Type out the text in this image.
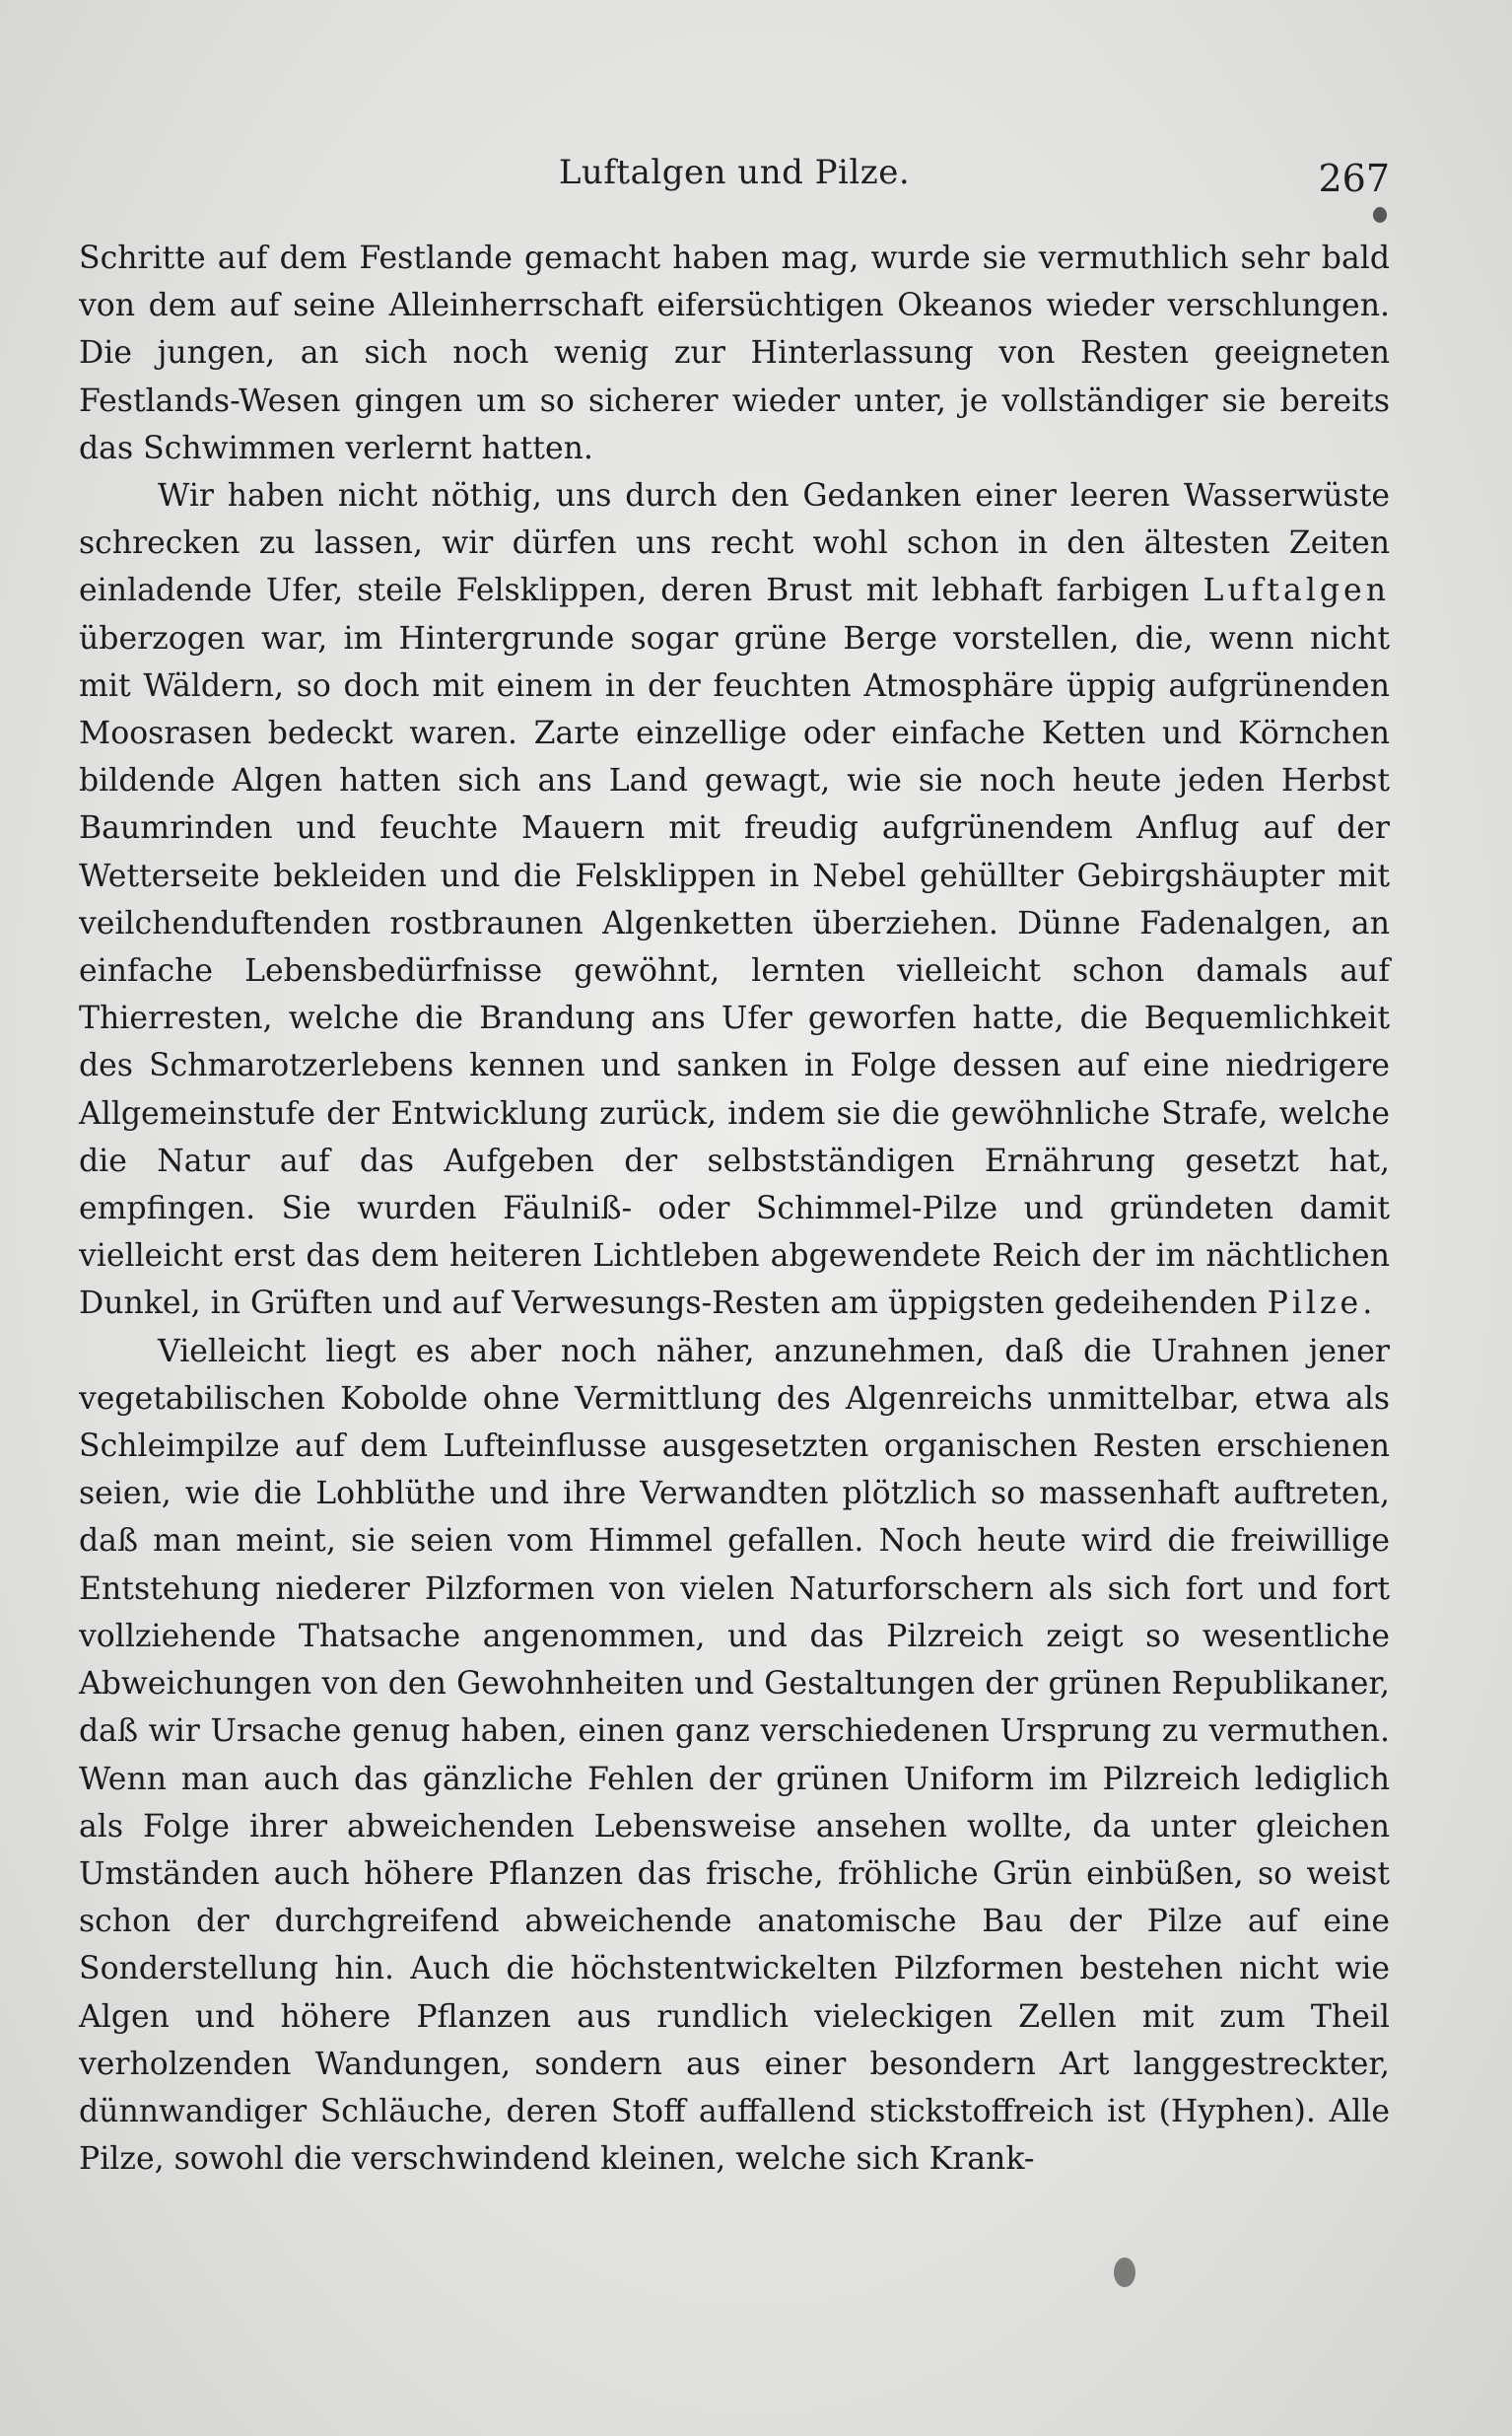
Luftalgen und Pilze.	267

Schritte auf dem Festlande gemacht haben mag, wurde sie vermuthlich sehr bald von dem auf seine Alleinherrschaft eifersüchtigen Okeanos wieder verschlungen. Die jungen, an sich noch wenig zur Hinterlassung von Resten geeigneten Festlands-Wesen gingen um so sicherer wieder unter, je vollständiger sie bereits das Schwimmen verlernt hatten.

Wir haben nicht nöthig, uns durch den Gedanken einer leeren Wasserwüste schrecken zu lassen, wir dürfen uns recht wohl schon in den ältesten Zeiten einladende Ufer, steile Felsklippen, deren Brust mit lebhaft farbigen Luftalgen überzogen war, im Hintergrunde sogar grüne Berge vorstellen, die, wenn nicht mit Wäldern, so doch mit einem in der feuchten Atmosphäre üppig aufgrünenden Moosrasen bedeckt waren. Zarte einzellige oder einfache Ketten und Körnchen bildende Algen hatten sich ans Land gewagt, wie sie noch heute jeden Herbst Baumrinden und feuchte Mauern mit freudig aufgrünendem Anflug auf der Wetterseite bekleiden und die Felsklippen in Nebel gehüllter Gebirgshäupter mit veilchenduftenden rostbraunen Algenketten überziehen. Dünne Fadenalgen, an einfache Lebensbedürfnisse gewöhnt, lernten vielleicht schon damals auf Thierresten, welche die Brandung ans Ufer geworfen hatte, die Bequemlichkeit des Schmarotzerlebens kennen und sanken in Folge dessen auf eine niedrigere Allgemeinstufe der Entwicklung zurück, indem sie die gewöhnliche Strafe, welche die Natur auf das Aufgeben der selbstständigen Ernährung gesetzt hat, empfingen. Sie wurden Fäulniß- oder Schimmel-Pilze und gründeten damit vielleicht erst das dem heiteren Lichtleben abgewendete Reich der im nächtlichen Dunkel, in Grüften und auf Verwesungs-Resten am üppigsten gedeihenden Pilze.

Vielleicht liegt es aber noch näher, anzunehmen, daß die Urahnen jener vegetabilischen Kobolde ohne Vermittlung des Algenreichs unmittelbar, etwa als Schleimpilze auf dem Lufteinflusse ausgesetzten organischen Resten erschienen seien, wie die Lohblüthe und ihre Verwandten plötzlich so massenhaft auftreten, daß man meint, sie seien vom Himmel gefallen. Noch heute wird die freiwillige Entstehung niederer Pilzformen von vielen Naturforschern als sich fort und fort vollziehende Thatsache angenommen, und das Pilzreich zeigt so wesentliche Abweichungen von den Gewohnheiten und Gestaltungen der grünen Republikaner, daß wir Ursache genug haben, einen ganz verschiedenen Ursprung zu vermuthen. Wenn man auch das gänzliche Fehlen der grünen Uniform im Pilzreich lediglich als Folge ihrer abweichenden Lebensweise ansehen wollte, da unter gleichen Umständen auch höhere Pflanzen das frische, fröhliche Grün einbüßen, so weist schon der durchgreifend abweichende anatomische Bau der Pilze auf eine Sonderstellung hin. Auch die höchstentwickelten Pilzformen bestehen nicht wie Algen und höhere Pflanzen aus rundlich vieleckigen Zellen mit zum Theil verholzenden Wandungen, sondern aus einer besondern Art langgestreckter, dünnwandiger Schläuche, deren Stoff auffallend stickstoffreich ist (Hyphen). Alle Pilze, sowohl die verschwindend kleinen, welche sich Krank-
